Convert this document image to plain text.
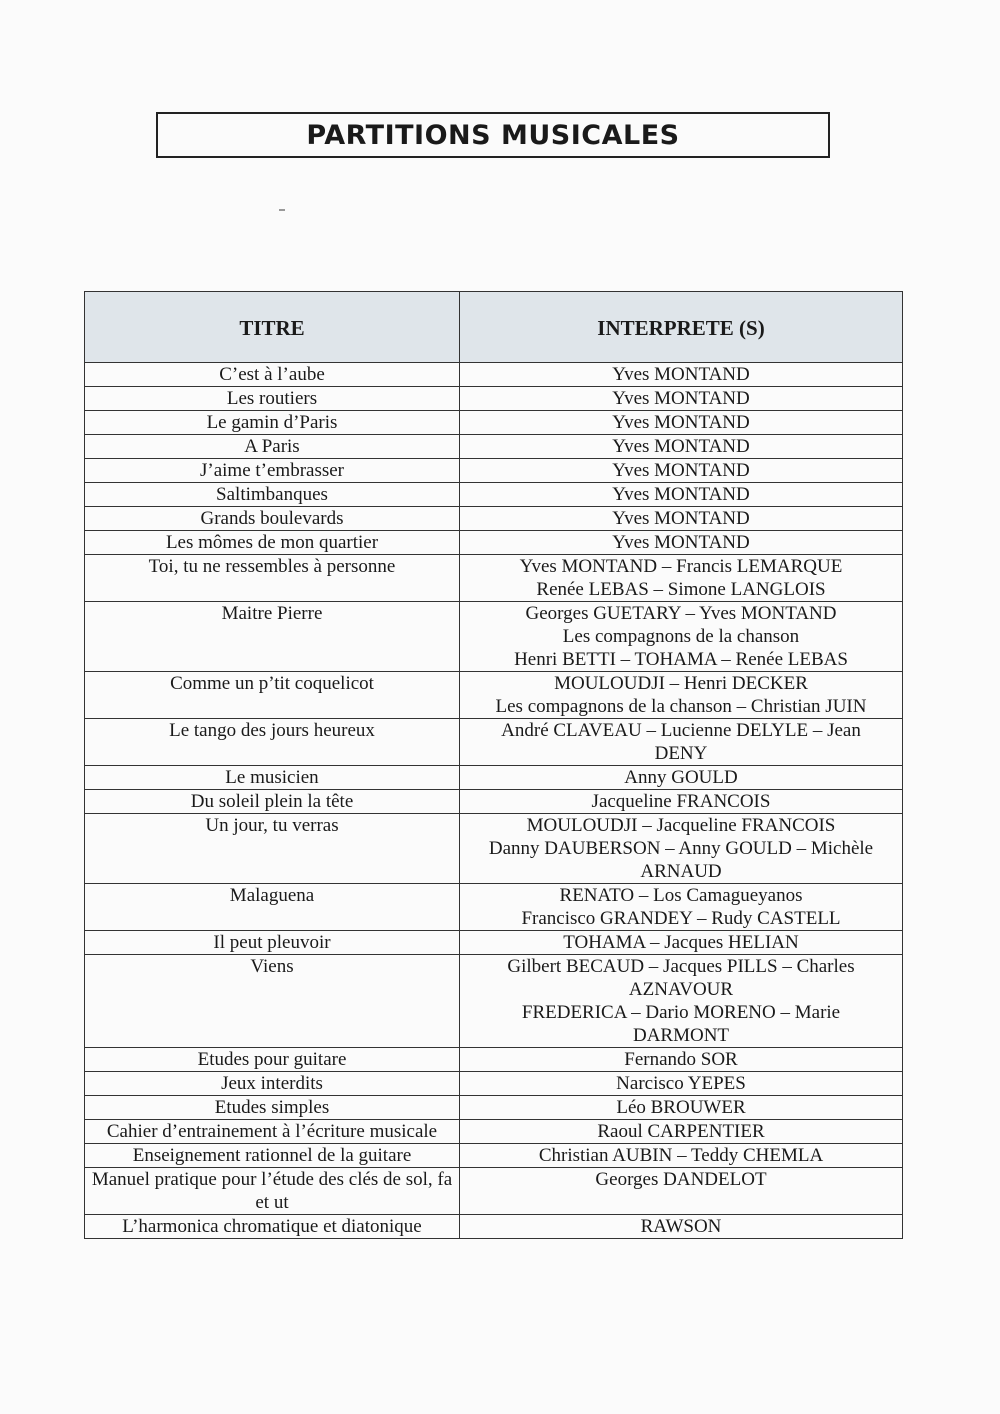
PARTITIONS MUSICALES
TITRE	INTERPRETE (S)
C’est à l’aube	Yves MONTAND

Les routiers	Yves MONTAND

Le gamin d’Paris	Yves MONTAND

A Paris	Yves MONTAND

J’aime t’embrasser	Yves MONTAND

Saltimbanques	Yves MONTAND

Grands boulevards	Yves MONTAND

Les mômes de mon quartier	Yves MONTAND

Toi, tu ne ressembles à personne	Yves MONTAND – Francis LEMARQUE
Renée LEBAS – Simone LANGLOIS

Maitre Pierre	Georges GUETARY – Yves MONTAND
Les compagnons de la chanson
Henri BETTI – TOHAMA – Renée LEBAS

Comme un p’tit coquelicot	MOULOUDJI – Henri DECKER
Les compagnons de la chanson – Christian JUIN

Le tango des jours heureux	André CLAVEAU – Lucienne DELYLE – Jean
DENY

Le musicien	Anny GOULD

Du soleil plein la tête	Jacqueline FRANCOIS

Un jour, tu verras	MOULOUDJI – Jacqueline FRANCOIS
Danny DAUBERSON – Anny GOULD – Michèle
ARNAUD

Malaguena	RENATO – Los Camagueyanos
Francisco GRANDEY – Rudy CASTELL

Il peut pleuvoir	TOHAMA – Jacques HELIAN

Viens	Gilbert BECAUD – Jacques PILLS – Charles
AZNAVOUR
FREDERICA – Dario MORENO – Marie
DARMONT

Etudes pour guitare	Fernando SOR

Jeux interdits	Narcisco YEPES

Etudes simples	Léo BROUWER

Cahier d’entrainement à l’écriture musicale	Raoul CARPENTIER

Enseignement rationnel de la guitare	Christian AUBIN – Teddy CHEMLA

Manuel pratique pour l’étude des clés de sol, fa et ut	Georges DANDELOT

L’harmonica chromatique et diatonique	RAWSON
